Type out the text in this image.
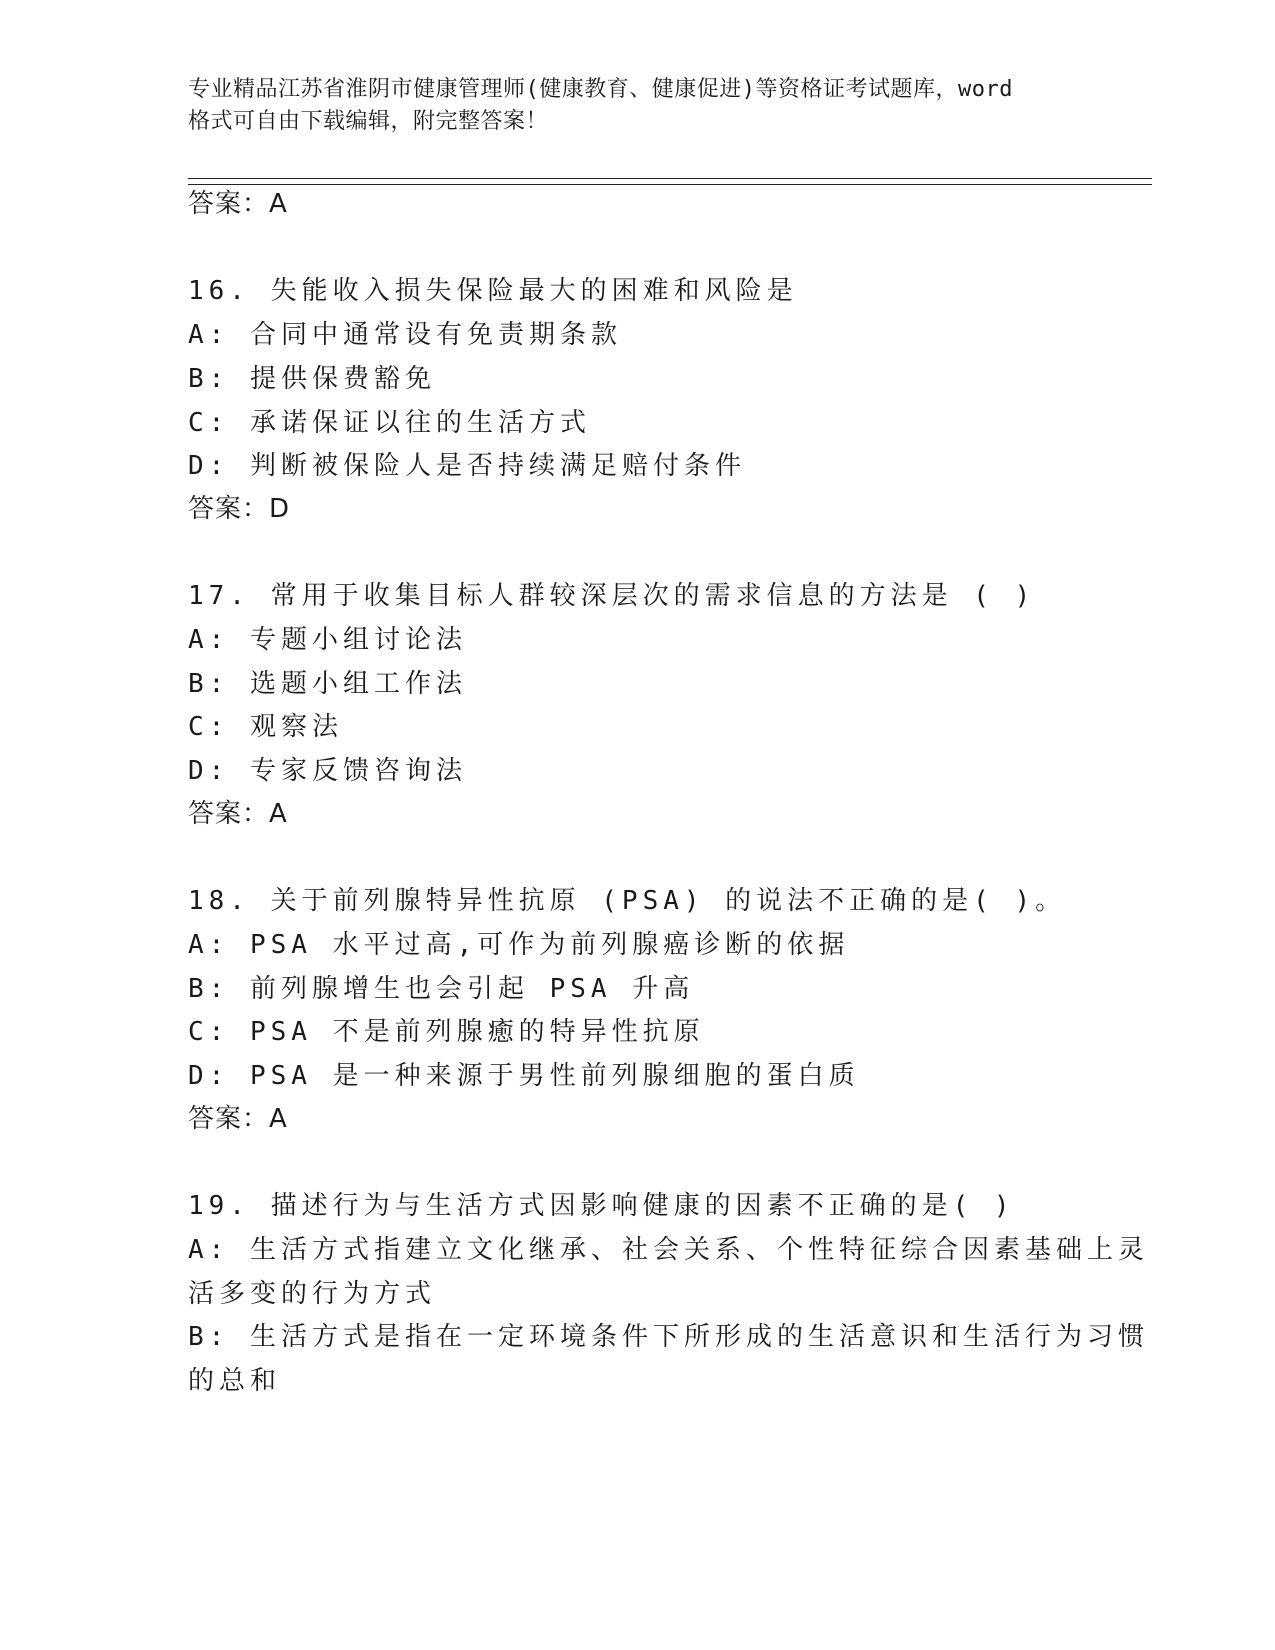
专业精品江苏省淮阴市健康管理师(健康教育、健康促进)等资格证考试题库，word
格式可自由下载编辑，附完整答案！
答案：A
16. 失能收入损失保险最大的困难和风险是
A: 合同中通常设有免责期条款
B: 提供保费豁免
C: 承诺保证以往的生活方式
D: 判断被保险人是否持续满足赔付条件
答案：D
17. 常用于收集目标人群较深层次的需求信息的方法是 ( )
A: 专题小组讨论法
B: 选题小组工作法
C: 观察法
D: 专家反馈咨询法
答案：A
18. 关于前列腺特异性抗原 (PSA) 的说法不正确的是( )。
A: PSA 水平过高,可作为前列腺癌诊断的依据
B: 前列腺增生也会引起 PSA 升高
C: PSA 不是前列腺癒的特异性抗原
D: PSA 是一种来源于男性前列腺细胞的蛋白质
答案：A
19. 描述行为与生活方式因影响健康的因素不正确的是( )
A: 生活方式指建立文化继承、社会关系、个性特征综合因素基础上灵
活多变的行为方式
B: 生活方式是指在一定环境条件下所形成的生活意识和生活行为习惯
的总和
